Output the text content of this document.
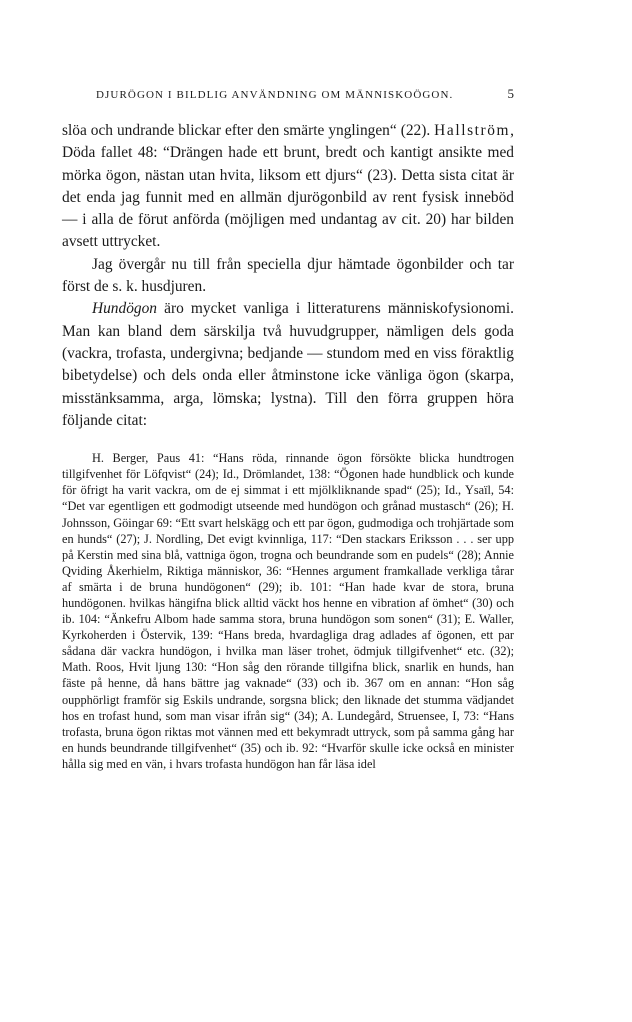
DJURÖGON I BILDLIG ANVÄNDNING OM MÄNNISKOÖGON.	5

slöa och undrande blickar efter den smärte ynglingen“ (22). Hallström, Döda fallet 48: “Drängen hade ett brunt, bredt och kantigt ansikte med mörka ögon, nästan utan hvita, liksom ett djurs“ (23). Detta sista citat är det enda jag funnit med en allmän djurögonbild av rent fysisk inneböd — i alla de förut anförda (möjligen med undantag av cit. 20) har bilden avsett uttrycket.

Jag övergår nu till från speciella djur hämtade ögonbilder och tar först de s. k. husdjuren.

Hundögon äro mycket vanliga i litteraturens människofysionomi. Man kan bland dem särskilja två huvudgrupper, nämligen dels goda (vackra, trofasta, undergivna; bedjande — stundom med en viss föraktlig bibetydelse) och dels onda eller åtminstone icke vänliga ögon (skarpa, misstänksamma, arga, lömska; lystna). Till den förra gruppen höra följande citat:

H. Berger, Paus 41: “Hans röda, rinnande ögon försökte blicka hundtrogen tillgifvenhet för Löfqvist“ (24); Id., Drömlandet, 138: “Ögonen hade hundblick och kunde för öfrigt ha varit vackra, om de ej simmat i ett mjölkliknande spad“ (25); Id., Ysaïl, 54: “Det var egentligen ett godmodigt utseende med hundögon och grånad mustasch“ (26); H. Johnsson, Göingar 69: “Ett svart helskägg och ett par ögon, gudmodiga och trohjärtade som en hunds“ (27); J. Nordling, Det evigt kvinnliga, 117: “Den stackars Eriksson . . . ser upp på Kerstin med sina blå, vattniga ögon, trogna och beundrande som en pudels“ (28); Annie Qviding Åkerhielm, Riktiga människor, 36: “Hennes argument framkallade verkliga tårar af smärta i de bruna hundögonen“ (29); ib. 101: “Han hade kvar de stora, bruna hundögonen. hvilkas hängifna blick alltid väckt hos henne en vibration af ömhet“ (30) och ib. 104: “Änkefru Albom hade samma stora, bruna hundögon som sonen“ (31); E. Waller, Kyrkoherden i Östervik, 139: “Hans breda, hvardagliga drag adlades af ögonen, ett par sådana där vackra hundögon, i hvilka man läser trohet, ödmjuk tillgifvenhet“ etc. (32); Math. Roos, Hvit ljung 130: “Hon såg den rörande tillgifna blick, snarlik en hunds, han fäste på henne, då hans bättre jag vaknade“ (33) och ib. 367 om en annan: “Hon såg oupphörligt framför sig Eskils undrande, sorgsna blick; den liknade det stumma vädjandet hos en trofast hund, som man visar ifrån sig“ (34); A. Lundegård, Struensee, I, 73: “Hans trofasta, bruna ögon riktas mot vännen med ett bekymradt uttryck, som på samma gång har en hunds beundrande tillgifvenhet“ (35) och ib. 92: “Hvarför skulle icke också en minister hålla sig med en vän, i hvars trofasta hundögon han får läsa idel
